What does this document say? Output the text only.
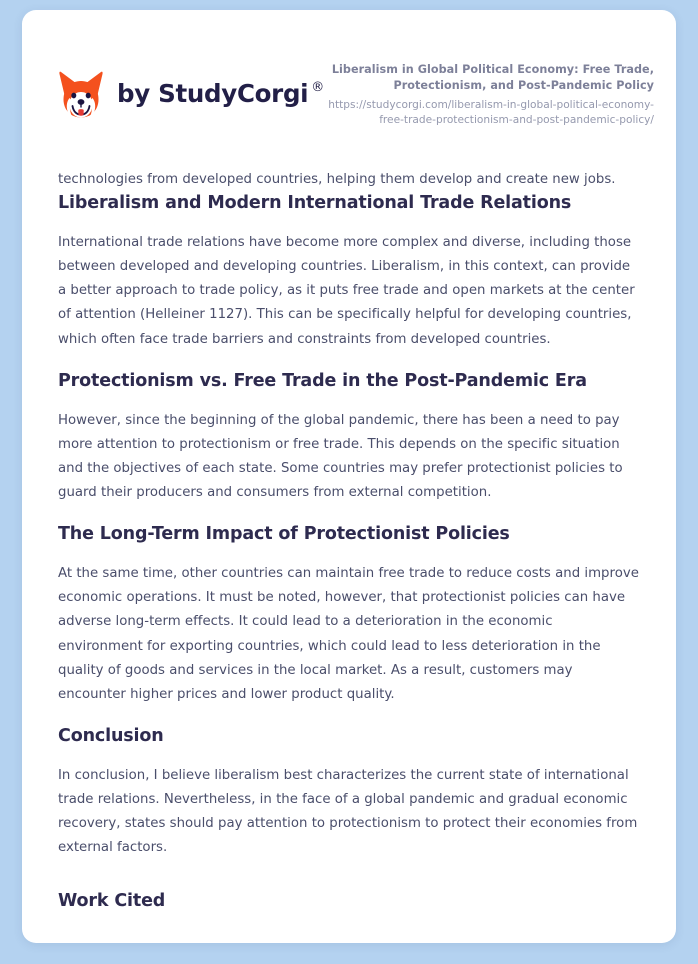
by StudyCorgi ®
Liberalism in Global Political Economy: Free Trade, Protectionism, and Post-Pandemic Policy
https://studycorgi.com/liberalism-in-global-political-economy-free-trade-protectionism-and-post-pandemic-policy/

technologies from developed countries, helping them develop and create new jobs.

Liberalism and Modern International Trade Relations

International trade relations have become more complex and diverse, including those between developed and developing countries. Liberalism, in this context, can provide a better approach to trade policy, as it puts free trade and open markets at the center of attention (Helleiner 1127). This can be specifically helpful for developing countries, which often face trade barriers and constraints from developed countries.

Protectionism vs. Free Trade in the Post-Pandemic Era

However, since the beginning of the global pandemic, there has been a need to pay more attention to protectionism or free trade. This depends on the specific situation and the objectives of each state. Some countries may prefer protectionist policies to guard their producers and consumers from external competition.

The Long-Term Impact of Protectionist Policies

At the same time, other countries can maintain free trade to reduce costs and improve economic operations. It must be noted, however, that protectionist policies can have adverse long-term effects. It could lead to a deterioration in the economic environment for exporting countries, which could lead to less deterioration in the quality of goods and services in the local market. As a result, customers may encounter higher prices and lower product quality.

Conclusion

In conclusion, I believe liberalism best characterizes the current state of international trade relations. Nevertheless, in the face of a global pandemic and gradual economic recovery, states should pay attention to protectionism to protect their economies from external factors.

Work Cited
